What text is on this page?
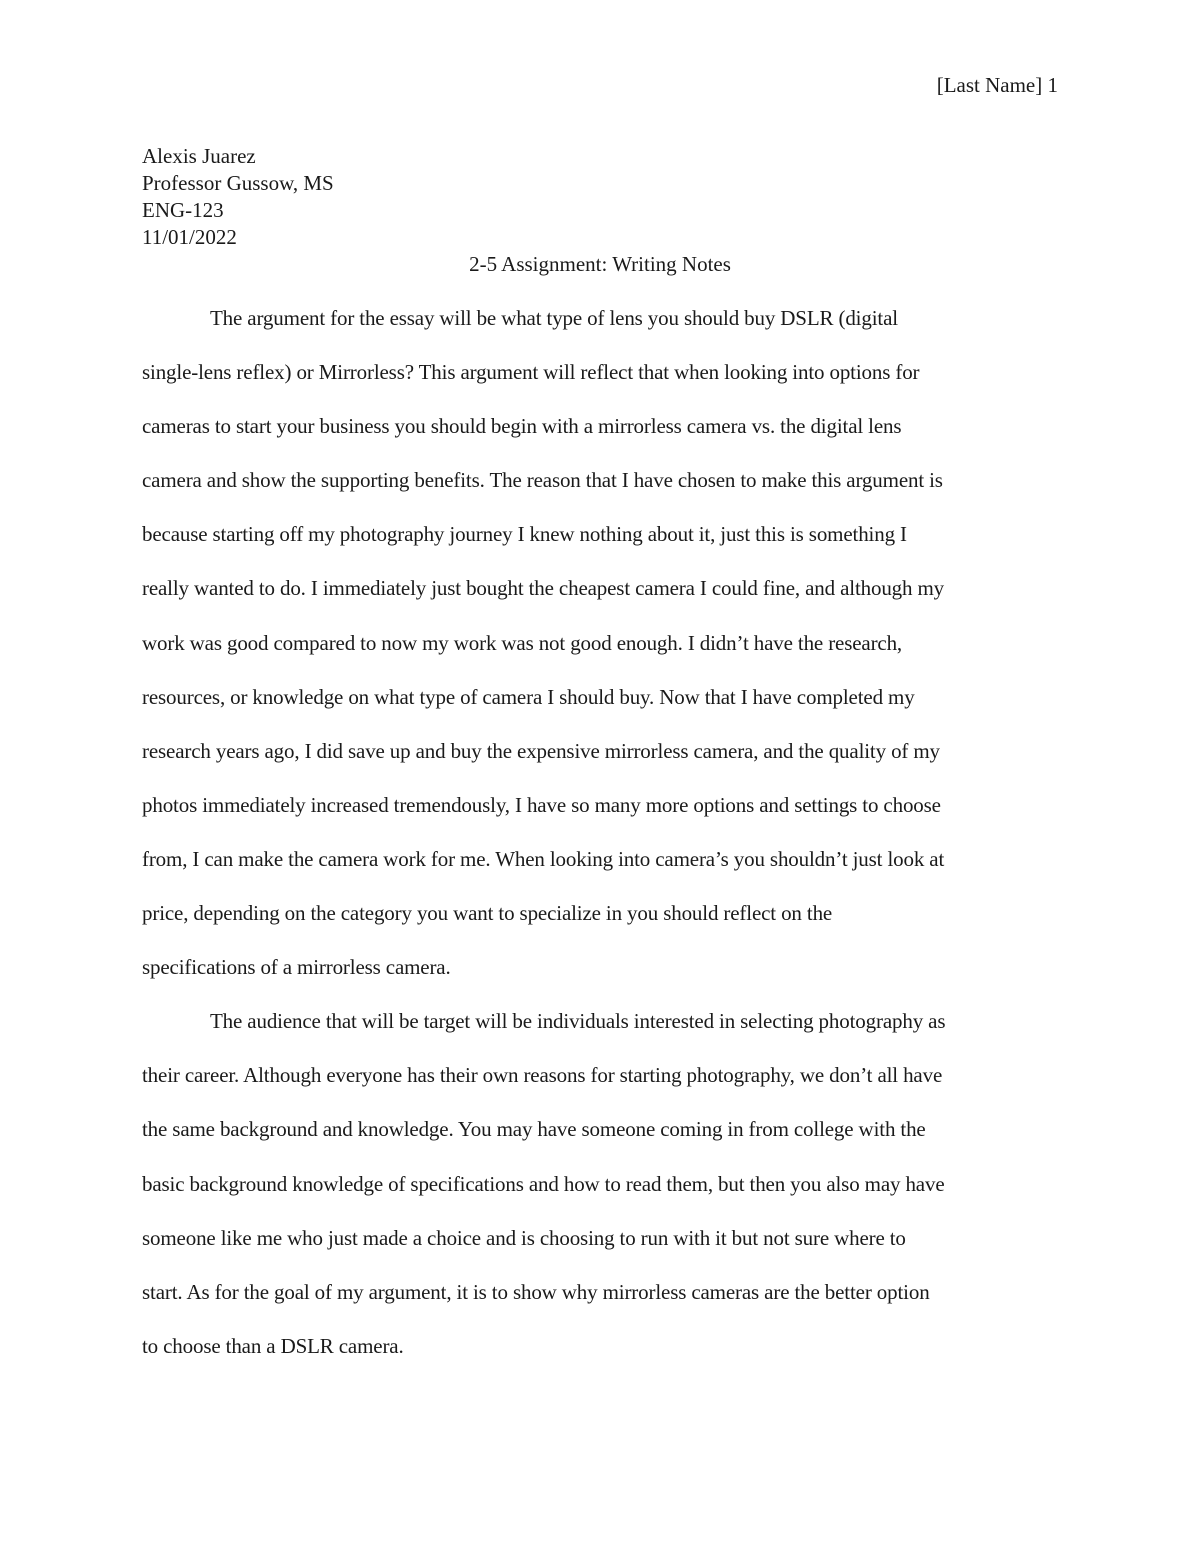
[Last Name] 1
Alexis Juarez
Professor Gussow, MS
ENG-123
11/01/2022
2-5 Assignment: Writing Notes
The argument for the essay will be what type of lens you should buy DSLR (digital
single-lens reflex) or Mirrorless? This argument will reflect that when looking into options for
cameras to start your business you should begin with a mirrorless camera vs. the digital lens
camera and show the supporting benefits. The reason that I have chosen to make this argument is
because starting off my photography journey I knew nothing about it, just this is something I
really wanted to do. I immediately just bought the cheapest camera I could fine, and although my
work was good compared to now my work was not good enough. I didn’t have the research,
resources, or knowledge on what type of camera I should buy. Now that I have completed my
research years ago, I did save up and buy the expensive mirrorless camera, and the quality of my
photos immediately increased tremendously, I have so many more options and settings to choose
from, I can make the camera work for me. When looking into camera’s you shouldn’t just look at
price, depending on the category you want to specialize in you should reflect on the
specifications of a mirrorless camera.
The audience that will be target will be individuals interested in selecting photography as
their career. Although everyone has their own reasons for starting photography, we don’t all have
the same background and knowledge. You may have someone coming in from college with the
basic background knowledge of specifications and how to read them, but then you also may have
someone like me who just made a choice and is choosing to run with it but not sure where to
start. As for the goal of my argument, it is to show why mirrorless cameras are the better option
to choose than a DSLR camera.
